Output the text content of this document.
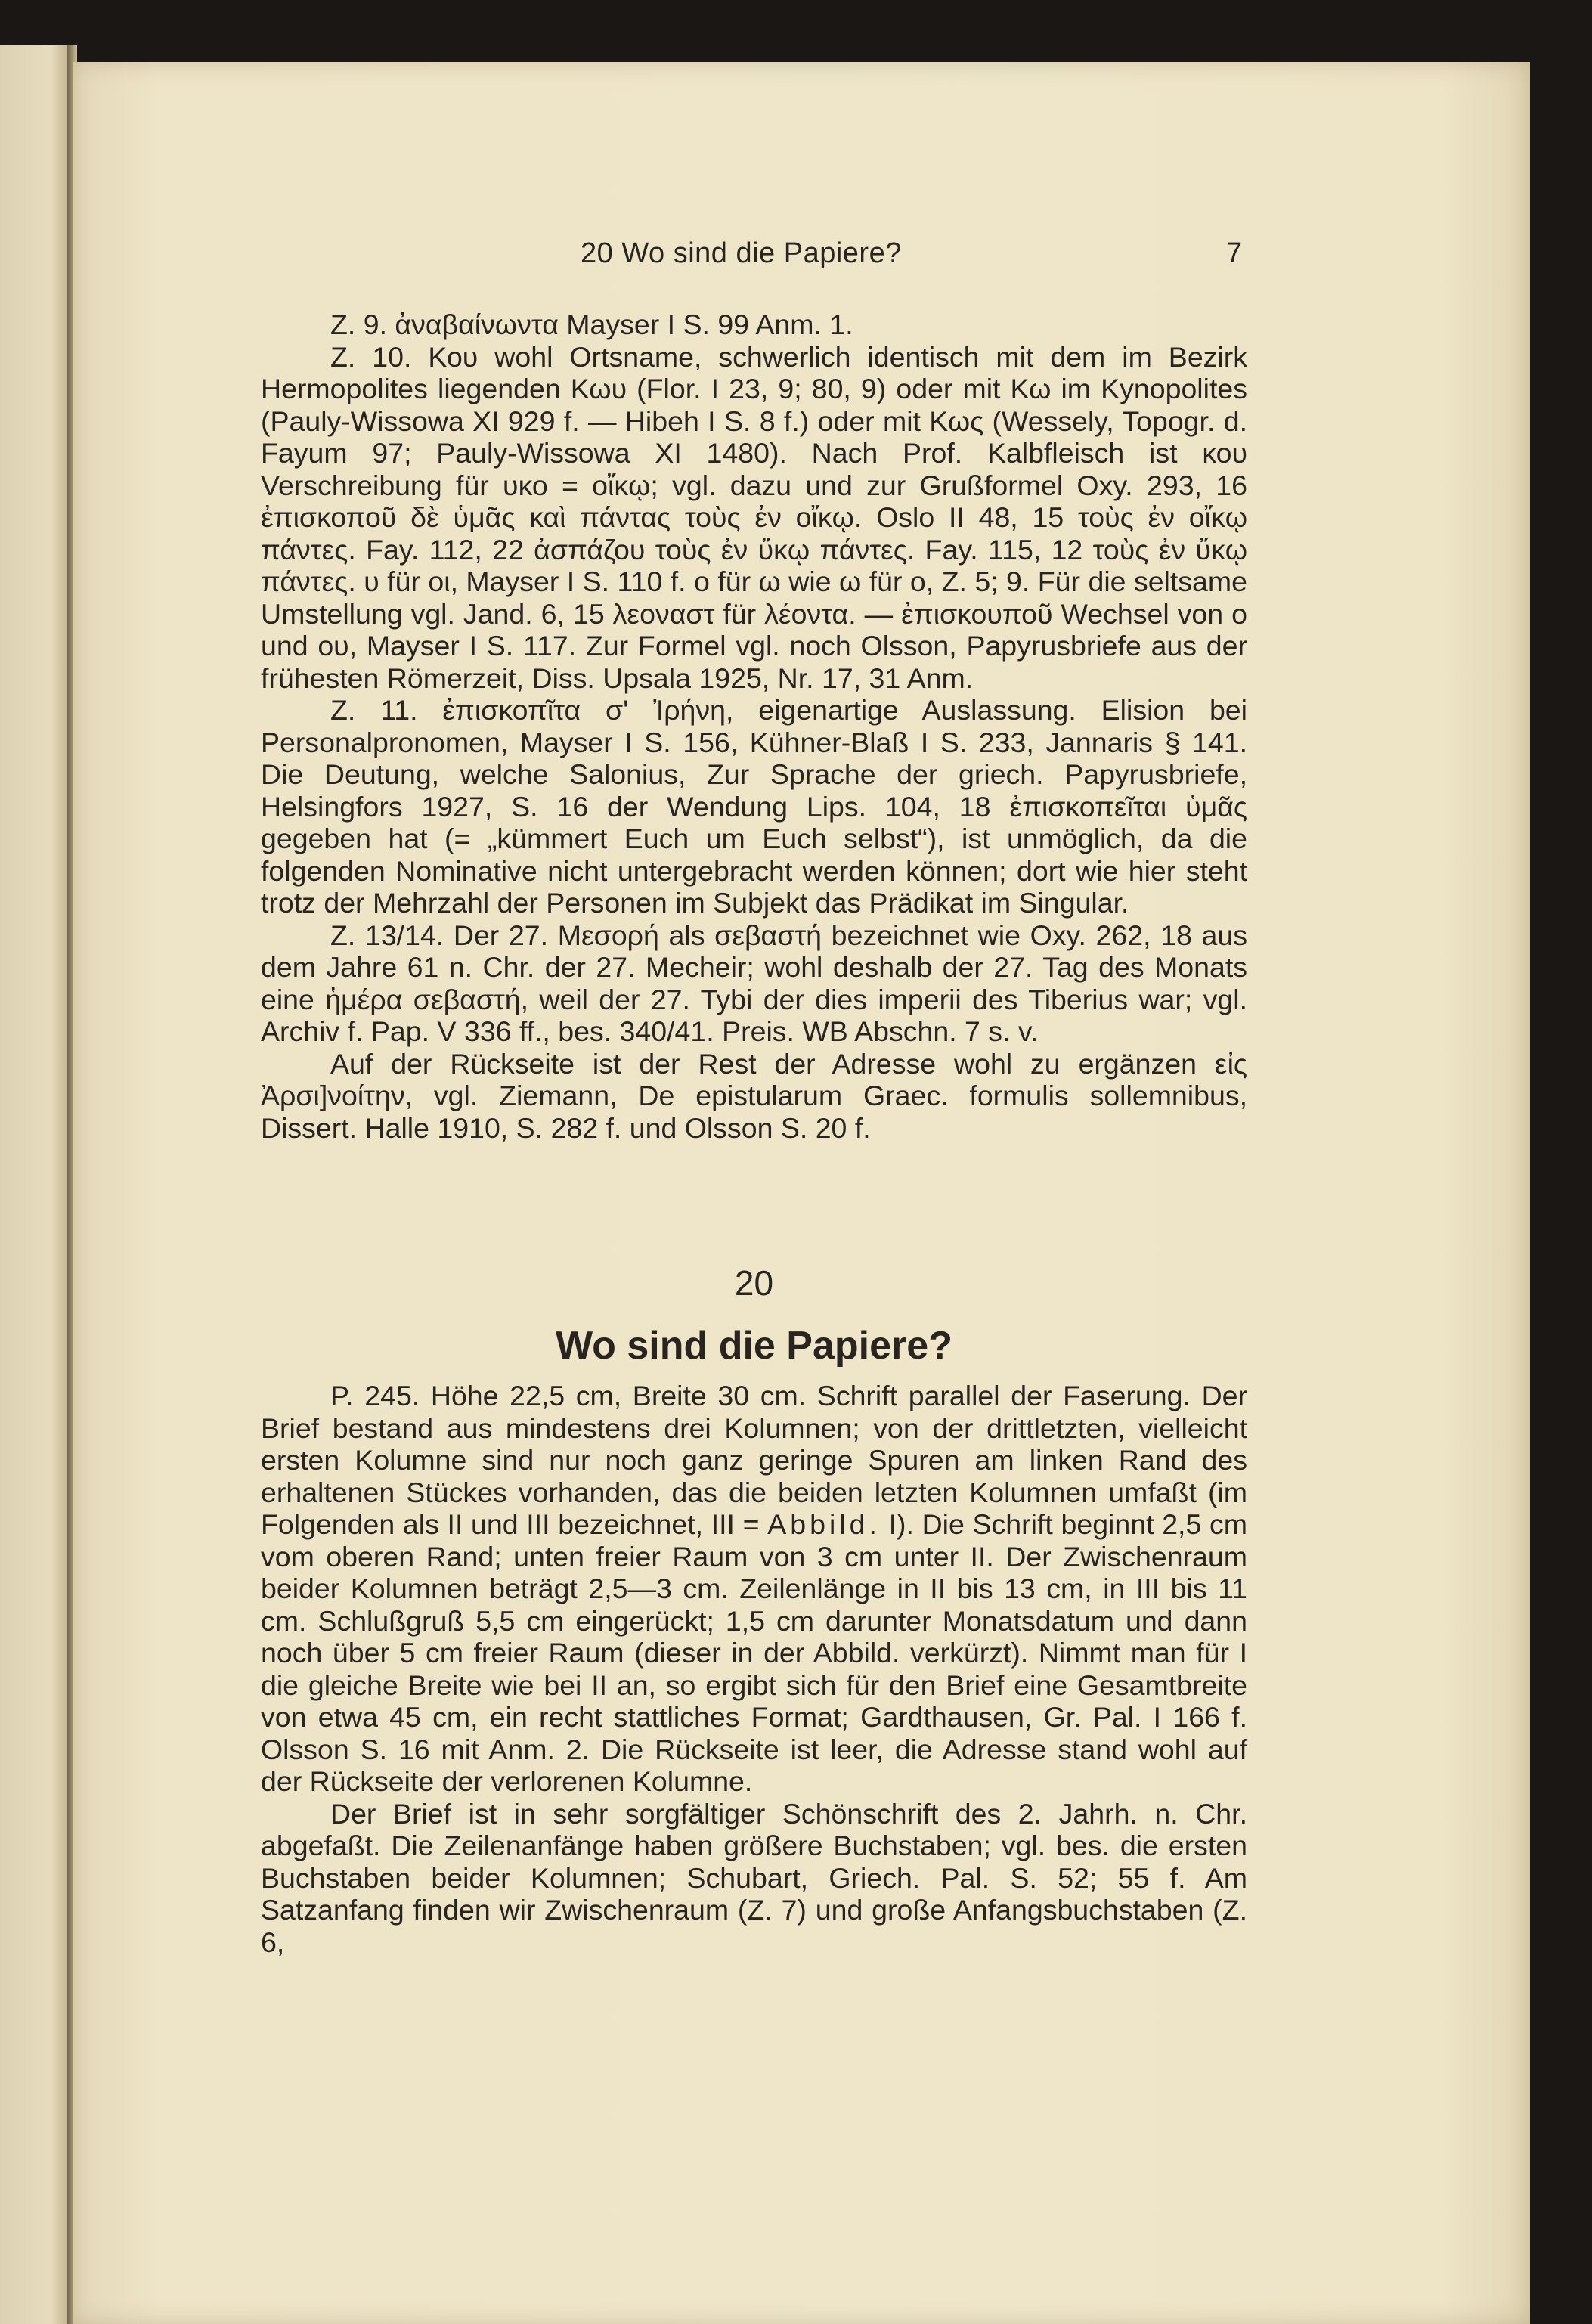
20 Wo sind die Papiere?	7

Z. 9. ἀναβαίνωντα Mayser I S. 99 Anm. 1.

Z. 10. Κου wohl Ortsname, schwerlich identisch mit dem im Bezirk Hermopolites liegenden Κωυ (Flor. I 23, 9; 80, 9) oder mit Κω im Kynopolites (Pauly-Wissowa XI 929 f. — Hibeh I S. 8 f.) oder mit Κως (Wessely, Topogr. d. Fayum 97; Pauly-Wissowa XI 1480). Nach Prof. Kalbfleisch ist κου Verschreibung für υκο = οἴκῳ; vgl. dazu und zur Grußformel Oxy. 293, 16 ἐπισκοποῦ δὲ ὑμᾶς καὶ πάντας τοὺς ἐν οἴκῳ. Oslo II 48, 15 τοὺς ἐν οἴκῳ πάντες. Fay. 112, 22 ἀσπάζου τοὺς ἐν ὔκῳ πάντες. Fay. 115, 12 τοὺς ἐν ὔκῳ πάντες. υ für οι, Mayser I S. 110 f. ο für ω wie ω für ο, Z. 5; 9. Für die seltsame Umstellung vgl. Jand. 6, 15 λεοναστ für λέοντα. — ἐπισκουποῦ Wechsel von ο und ου, Mayser I S. 117. Zur Formel vgl. noch Olsson, Papyrusbriefe aus der frühesten Römerzeit, Diss. Upsala 1925, Nr. 17, 31 Anm.

Z. 11. ἐπισκοπῖτα σ' Ἰρήνη, eigenartige Auslassung. Elision bei Personalpronomen, Mayser I S. 156, Kühner-Blaß I S. 233, Jannaris § 141. Die Deutung, welche Salonius, Zur Sprache der griech. Papyrusbriefe, Helsingfors 1927, S. 16 der Wendung Lips. 104, 18 ἐπισκοπεῖται ὑμᾶς gegeben hat (= „kümmert Euch um Euch selbst“), ist unmöglich, da die folgenden Nominative nicht untergebracht werden können; dort wie hier steht trotz der Mehrzahl der Personen im Subjekt das Prädikat im Singular.

Z. 13/14. Der 27. Μεσορή als σεβαστή bezeichnet wie Oxy. 262, 18 aus dem Jahre 61 n. Chr. der 27. Mecheir; wohl deshalb der 27. Tag des Monats eine ἡμέρα σεβαστή, weil der 27. Tybi der dies imperii des Tiberius war; vgl. Archiv f. Pap. V 336 ff., bes. 340/41. Preis. WB Abschn. 7 s. v.

Auf der Rückseite ist der Rest der Adresse wohl zu ergänzen εἰς Ἀρσι]νοίτην, vgl. Ziemann, De epistularum Graec. formulis sollemnibus, Dissert. Halle 1910, S. 282 f. und Olsson S. 20 f.

20
Wo sind die Papiere?

P. 245. Höhe 22,5 cm, Breite 30 cm. Schrift parallel der Faserung. Der Brief bestand aus mindestens drei Kolumnen; von der drittletzten, vielleicht ersten Kolumne sind nur noch ganz geringe Spuren am linken Rand des erhaltenen Stückes vorhanden, das die beiden letzten Kolumnen umfaßt (im Folgenden als II und III bezeichnet, III = Abbild. I). Die Schrift beginnt 2,5 cm vom oberen Rand; unten freier Raum von 3 cm unter II. Der Zwischenraum beider Kolumnen beträgt 2,5—3 cm. Zeilenlänge in II bis 13 cm, in III bis 11 cm. Schlußgruß 5,5 cm eingerückt; 1,5 cm darunter Monatsdatum und dann noch über 5 cm freier Raum (dieser in der Abbild. verkürzt). Nimmt man für I die gleiche Breite wie bei II an, so ergibt sich für den Brief eine Gesamtbreite von etwa 45 cm, ein recht stattliches Format; Gardthausen, Gr. Pal. I 166 f. Olsson S. 16 mit Anm. 2. Die Rückseite ist leer, die Adresse stand wohl auf der Rückseite der verlorenen Kolumne.

Der Brief ist in sehr sorgfältiger Schönschrift des 2. Jahrh. n. Chr. abgefaßt. Die Zeilenanfänge haben größere Buchstaben; vgl. bes. die ersten Buchstaben beider Kolumnen; Schubart, Griech. Pal. S. 52; 55 f. Am Satzanfang finden wir Zwischenraum (Z. 7) und große Anfangsbuchstaben (Z. 6,
